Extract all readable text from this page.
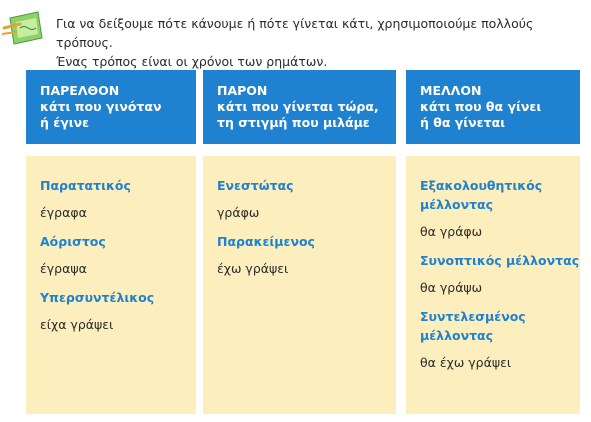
Για να δείξουμε πότε κάνουμε ή πότε γίνεται κάτι, χρησιμοποιούμε πολλούς τρόπους.

Ένας τρόπος είναι οι χρόνοι των ρημάτων.

ΠΑΡΕΛΘΟΝ
κάτι που γινόταν
ή έγινε
Παρατατικός
έγραφα
Αόριστος
έγραψα
Υπερσυντέλικος
είχα γράψει
ΠΑΡΟΝ
κάτι που γίνεται τώρα,
τη στιγμή που μιλάμε
Ενεστώτας
γράφω
Παρακείμενος
έχω γράψει
ΜΕΛΛΟΝ
κάτι που θα γίνει
ή θα γίνεται
Εξακολουθητικός
μέλλοντας
θα γράφω
Συνοπτικός μέλλοντας
θα γράψω
Συντελεσμένος
μέλλοντας
θα έχω γράψει
